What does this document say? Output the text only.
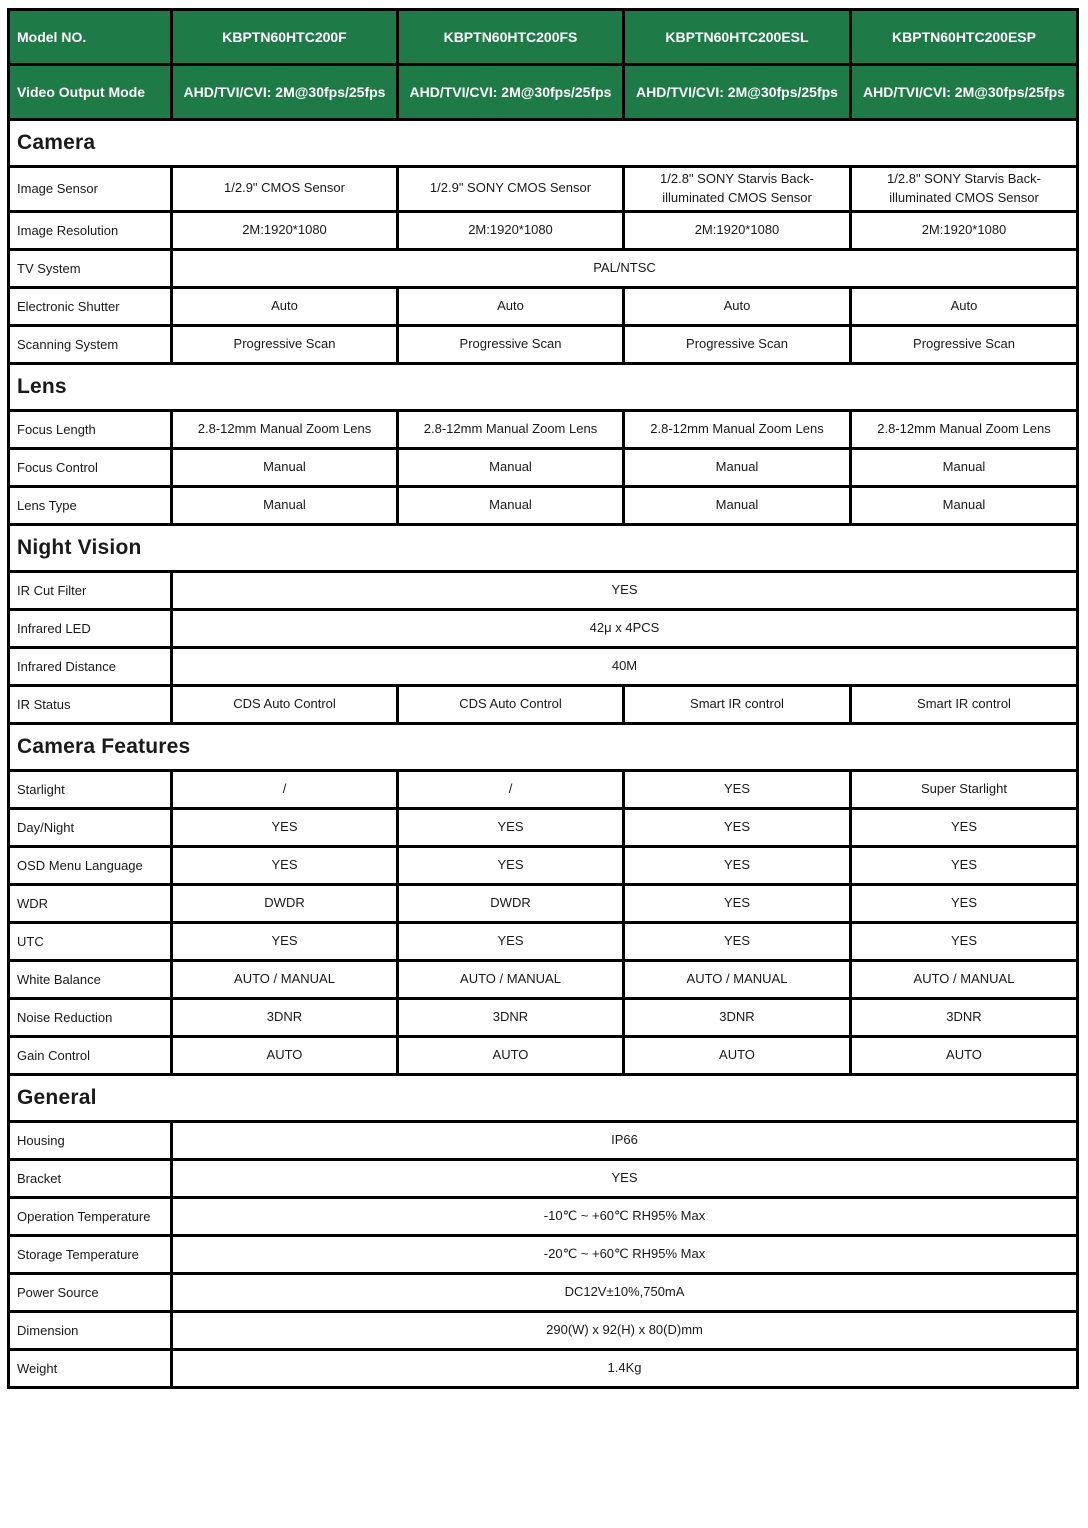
Model NO.	KBPTN60HTC200F	KBPTN60HTC200FS	KBPTN60HTC200ESL	KBPTN60HTC200ESP
Video Output Mode	AHD/TVI/CVI: 2M@30fps/25fps	AHD/TVI/CVI: 2M@30fps/25fps	AHD/TVI/CVI: 2M@30fps/25fps	AHD/TVI/CVI: 2M@30fps/25fps
Camera				
Image Sensor	1/2.9" CMOS Sensor	1/2.9" SONY CMOS Sensor	1/2.8" SONY Starvis Back-illuminated CMOS Sensor	1/2.8" SONY Starvis Back-illuminated CMOS Sensor
Image Resolution	2M:1920*1080	2M:1920*1080	2M:1920*1080	2M:1920*1080
TV System	PAL/NTSC			
Electronic Shutter	Auto	Auto	Auto	Auto
Scanning System	Progressive Scan	Progressive Scan	Progressive Scan	Progressive Scan
Lens				
Focus Length	2.8-12mm Manual Zoom Lens	2.8-12mm Manual Zoom Lens	2.8-12mm Manual Zoom Lens	2.8-12mm Manual Zoom Lens
Focus Control	Manual	Manual	Manual	Manual
Lens Type	Manual	Manual	Manual	Manual
Night Vision				
IR Cut Filter	YES			
Infrared LED	42μ x 4PCS			
Infrared Distance	40M			
IR Status	CDS Auto Control	CDS Auto Control	Smart IR control	Smart IR control
Camera Features				
Starlight	/	/	YES	Super Starlight
Day/Night	YES	YES	YES	YES
OSD Menu Language	YES	YES	YES	YES
WDR	DWDR	DWDR	YES	YES
UTC	YES	YES	YES	YES
White Balance	AUTO / MANUAL	AUTO / MANUAL	AUTO / MANUAL	AUTO / MANUAL
Noise Reduction	3DNR	3DNR	3DNR	3DNR
Gain Control	AUTO	AUTO	AUTO	AUTO
General				
Housing	IP66			
Bracket	YES			
Operation Temperature	-10℃ ~ +60℃ RH95% Max			
Storage Temperature	-20℃ ~ +60℃ RH95% Max			
Power Source	DC12V±10%,750mA			
Dimension	290(W) x 92(H) x 80(D)mm			
Weight	1.4Kg			
